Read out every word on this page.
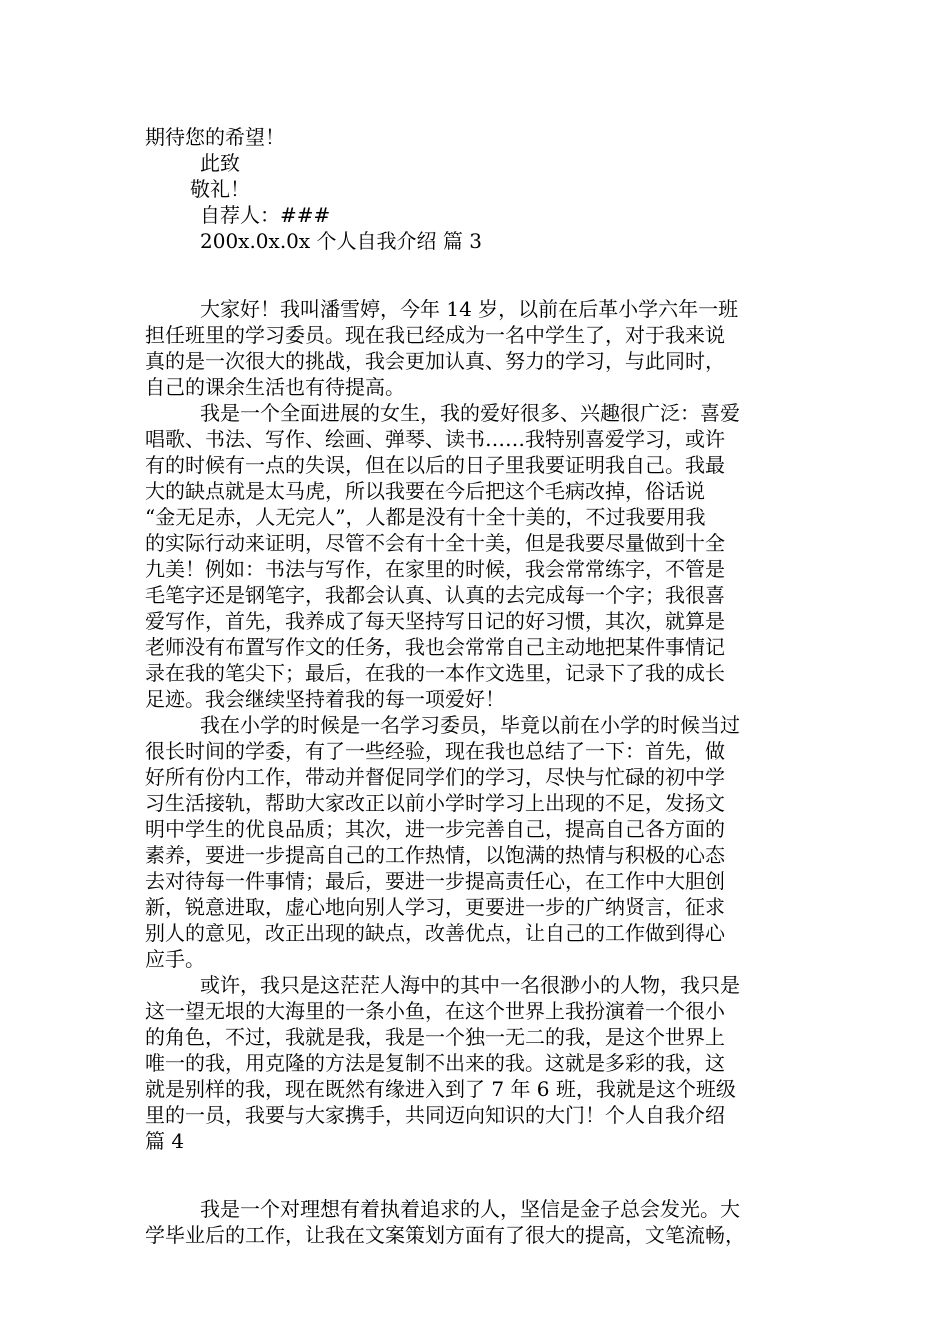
期待您的希望！
此致
敬礼！
自荐人：###
200x.0x.0x 个人自我介绍 篇 3
大家好！我叫潘雪婷，今年 14 岁，以前在后革小学六年一班
担任班里的学习委员。现在我已经成为一名中学生了，对于我来说
真的是一次很大的挑战，我会更加认真、努力的学习，与此同时，
自己的课余生活也有待提高。
我是一个全面进展的女生，我的爱好很多、兴趣很广泛：喜爱
唱歌、书法、写作、绘画、弹琴、读书……我特别喜爱学习，或许
有的时候有一点的失误，但在以后的日子里我要证明我自己。我最
大的缺点就是太马虎，所以我要在今后把这个毛病改掉，俗话说
“金无足赤，人无完人”，人都是没有十全十美的，不过我要用我
的实际行动来证明，尽管不会有十全十美，但是我要尽量做到十全
九美！例如：书法与写作，在家里的时候，我会常常练字，不管是
毛笔字还是钢笔字，我都会认真、认真的去完成每一个字；我很喜
爱写作，首先，我养成了每天坚持写日记的好习惯，其次，就算是
老师没有布置写作文的任务，我也会常常自己主动地把某件事情记
录在我的笔尖下；最后，在我的一本作文选里，记录下了我的成长
足迹。我会继续坚持着我的每一项爱好！
我在小学的时候是一名学习委员，毕竟以前在小学的时候当过
很长时间的学委，有了一些经验，现在我也总结了一下：首先，做
好所有份内工作，带动并督促同学们的学习，尽快与忙碌的初中学
习生活接轨，帮助大家改正以前小学时学习上出现的不足，发扬文
明中学生的优良品质；其次，进一步完善自己，提高自己各方面的
素养，要进一步提高自己的工作热情，以饱满的热情与积极的心态
去对待每一件事情；最后，要进一步提高责任心，在工作中大胆创
新，锐意进取，虚心地向别人学习，更要进一步的广纳贤言，征求
别人的意见，改正出现的缺点，改善优点，让自己的工作做到得心
应手。
或许，我只是这茫茫人海中的其中一名很渺小的人物，我只是
这一望无垠的大海里的一条小鱼，在这个世界上我扮演着一个很小
的角色，不过，我就是我，我是一个独一无二的我，是这个世界上
唯一的我，用克隆的方法是复制不出来的我。这就是多彩的我，这
就是别样的我，现在既然有缘进入到了 7 年 6 班，我就是这个班级
里的一员，我要与大家携手，共同迈向知识的大门！个人自我介绍
篇 4
我是一个对理想有着执着追求的人，坚信是金子总会发光。大
学毕业后的工作，让我在文案策划方面有了很大的提高，文笔流畅，
